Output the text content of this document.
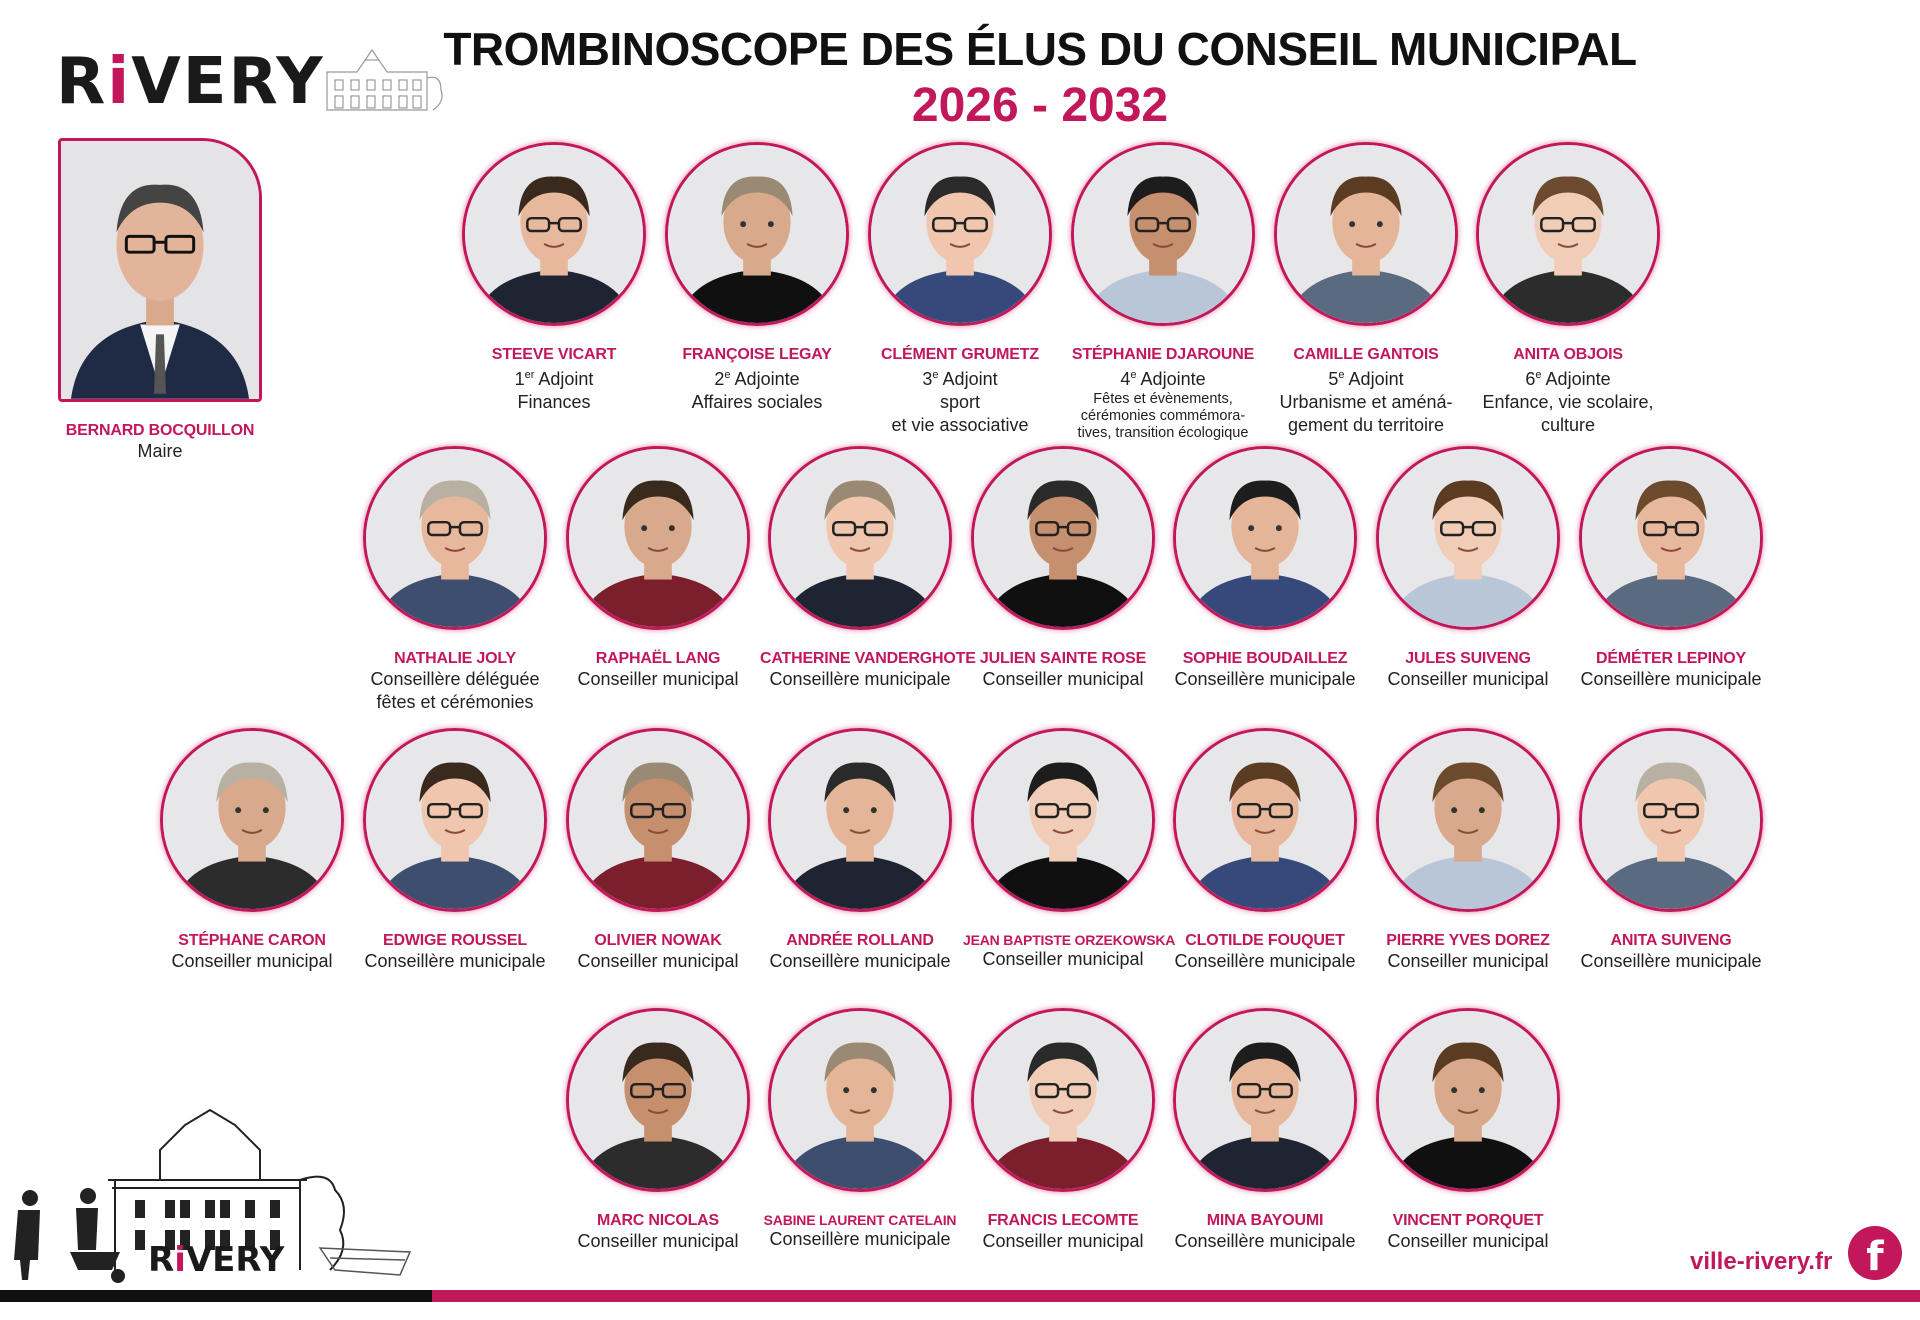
RiVERY	TROMBINOSCOPE DES ÉLUS DU CONSEIL MUNICIPAL
2026 - 2032
BERNARD BOCQUILLON
Maire
STEEVE VICART
1er Adjoint
Finances
FRANÇOISE LEGAY
2e Adjointe
Affaires sociales
CLÉMENT GRUMETZ
3e Adjoint
sport
et vie associative
STÉPHANIE DJAROUNE
4e Adjointe
Fêtes et évènements,
cérémonies commémora-
tives, transition écologique
CAMILLE GANTOIS
5e Adjoint
Urbanisme et améná-
gement du territoire
ANITA OBJOIS
6e Adjointe
Enfance, vie scolaire,
culture
NATHALIE JOLY
Conseillère déléguée
fêtes et cérémonies
RAPHAËL LANG
Conseiller municipal
CATHERINE VANDERGHOTE
Conseillère municipale
JULIEN SAINTE ROSE
Conseiller municipal
SOPHIE BOUDAILLEZ
Conseillère municipale
JULES SUIVENG
Conseiller municipal
DÉMÉTER LEPINOY
Conseillère municipale
STÉPHANE CARON
Conseiller municipal
EDWIGE ROUSSEL
Conseillère municipale
OLIVIER NOWAK
Conseiller municipal
ANDRÉE ROLLAND
Conseillère municipale
JEAN BAPTISTE ORZEKOWSKA
Conseiller municipal
CLOTILDE FOUQUET
Conseillère municipale
PIERRE YVES DOREZ
Conseiller municipal
ANITA SUIVENG
Conseillère municipale
MARC NICOLAS
Conseiller municipal
SABINE LAURENT CATELAIN
Conseillère municipale
FRANCIS LECOMTE
Conseiller municipal
MINA BAYOUMI
Conseillère municipale
VINCENT PORQUET
Conseiller municipal
RiVERY	ville-rivery.fr f
